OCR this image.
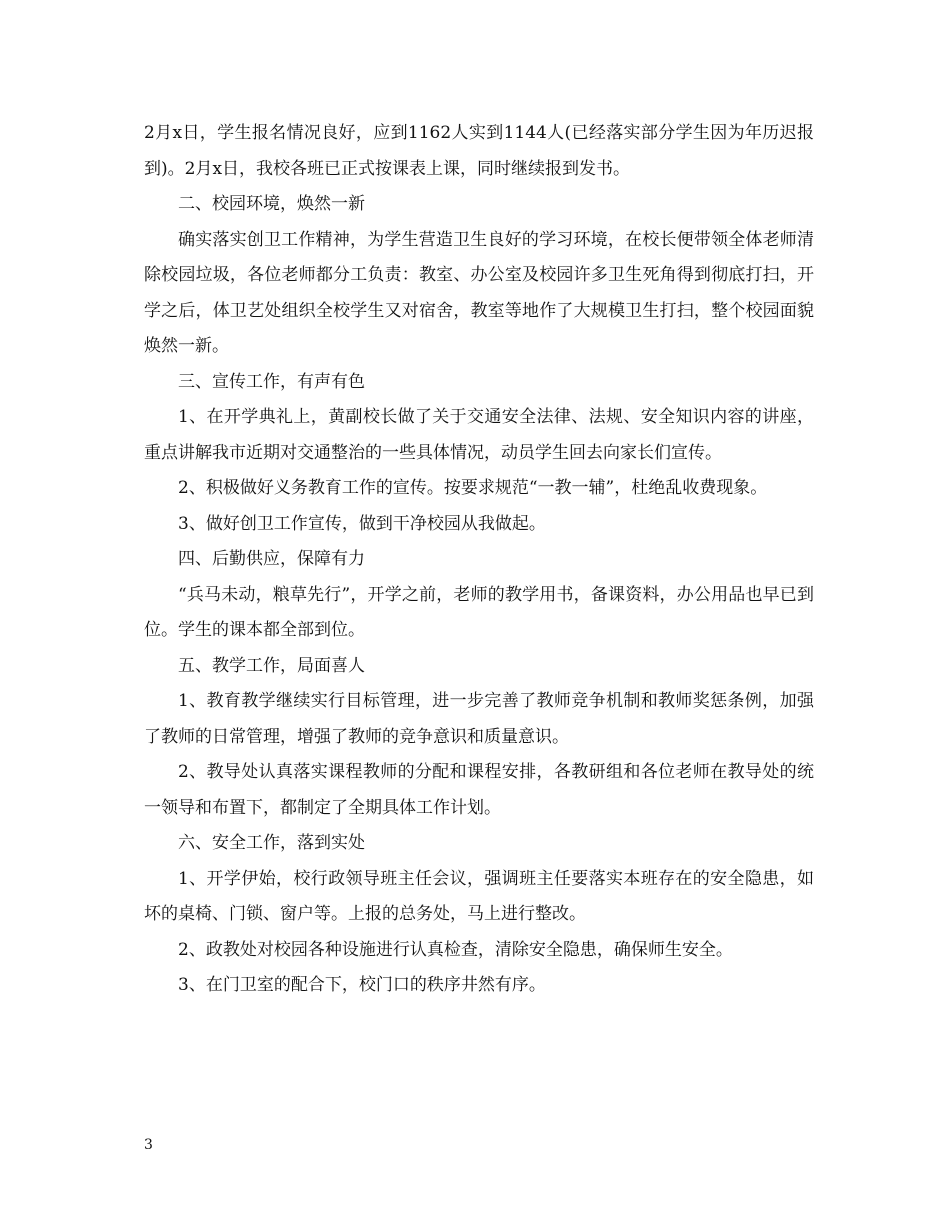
2月x日，学生报名情况良好，应到1162人实到1144人(已经落实部分学生因为年历迟报到)。2月x日，我校各班已正式按课表上课，同时继续报到发书。

二、校园环境，焕然一新

确实落实创卫工作精神，为学生营造卫生良好的学习环境，在校长便带领全体老师清除校园垃圾，各位老师都分工负责：教室、办公室及校园许多卫生死角得到彻底打扫，开学之后，体卫艺处组织全校学生又对宿舍，教室等地作了大规模卫生打扫，整个校园面貌焕然一新。

三、宣传工作，有声有色

1、在开学典礼上，黄副校长做了关于交通安全法律、法规、安全知识内容的讲座，重点讲解我市近期对交通整治的一些具体情况，动员学生回去向家长们宣传。

2、积极做好义务教育工作的宣传。按要求规范“一教一辅”，杜绝乱收费现象。

3、做好创卫工作宣传，做到干净校园从我做起。

四、后勤供应，保障有力

“兵马未动，粮草先行”，开学之前，老师的教学用书，备课资料，办公用品也早已到位。学生的课本都全部到位。

五、教学工作，局面喜人

1、教育教学继续实行目标管理，进一步完善了教师竞争机制和教师奖惩条例，加强了教师的日常管理，增强了教师的竞争意识和质量意识。

2、教导处认真落实课程教师的分配和课程安排，各教研组和各位老师在教导处的统一领导和布置下，都制定了全期具体工作计划。

六、安全工作，落到实处

1、开学伊始，校行政领导班主任会议，强调班主任要落实本班存在的安全隐患，如坏的桌椅、门锁、窗户等。上报的总务处，马上进行整改。

2、政教处对校园各种设施进行认真检查，清除安全隐患，确保师生安全。

3、在门卫室的配合下，校门口的秩序井然有序。

3
